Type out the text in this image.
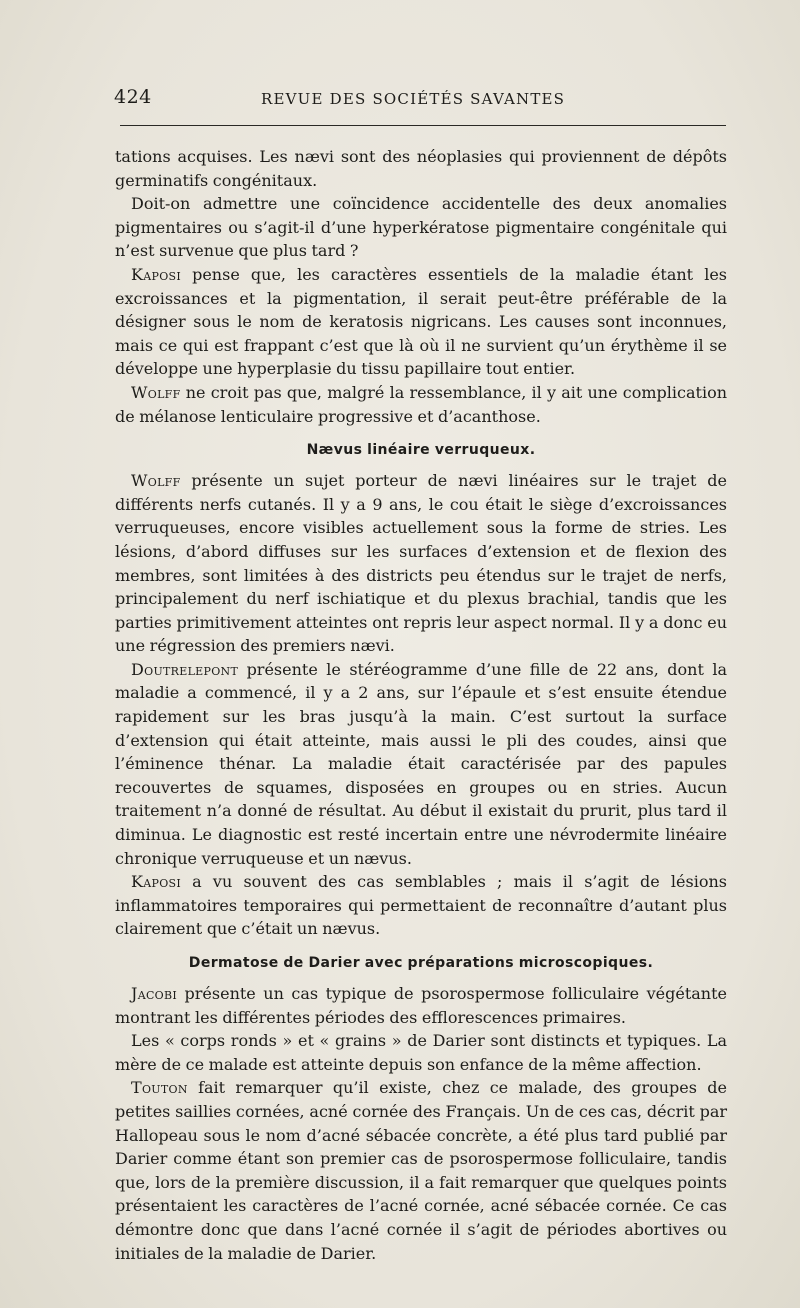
424	REVUE DES SOCIÉTÉS SAVANTES

tations acquises. Les nævi sont des néoplasies qui proviennent de dépôts germinatifs congénitaux.

Doit-on admettre une coïncidence accidentelle des deux anomalies pigmentaires ou s’agit-il d’une hyperkératose pigmentaire congénitale qui n’est survenue que plus tard ?

Kaposi pense que, les caractères essentiels de la maladie étant les excroissances et la pigmentation, il serait peut-être préférable de la désigner sous le nom de keratosis nigricans. Les causes sont inconnues, mais ce qui est frappant c’est que là où il ne survient qu’un érythème il se développe une hyperplasie du tissu papillaire tout entier.

Wolff ne croit pas que, malgré la ressemblance, il y ait une complication de mélanose lenticulaire progressive et d’acanthose.

Nævus linéaire verruqueux.

Wolff présente un sujet porteur de nævi linéaires sur le trajet de différents nerfs cutanés. Il y a 9 ans, le cou était le siège d’excroissances verruqueuses, encore visibles actuellement sous la forme de stries. Les lésions, d’abord diffuses sur les surfaces d’extension et de flexion des membres, sont limitées à des districts peu étendus sur le trajet de nerfs, principalement du nerf ischiatique et du plexus brachial, tandis que les parties primitivement atteintes ont repris leur aspect normal. Il y a donc eu une régression des premiers nævi.

Doutrelepont présente le stéréogramme d’une fille de 22 ans, dont la maladie a commencé, il y a 2 ans, sur l’épaule et s’est ensuite étendue rapidement sur les bras jusqu’à la main. C’est surtout la surface d’extension qui était atteinte, mais aussi le pli des coudes, ainsi que l’éminence thénar. La maladie était caractérisée par des papules recouvertes de squames, disposées en groupes ou en stries. Aucun traitement n’a donné de résultat. Au début il existait du prurit, plus tard il diminua. Le diagnostic est resté incertain entre une névrodermite linéaire chronique verruqueuse et un nævus.

Kaposi a vu souvent des cas semblables ; mais il s’agit de lésions inflammatoires temporaires qui permettaient de reconnaître d’autant plus clairement que c’était un nævus.

Dermatose de Darier avec préparations microscopiques.

Jacobi présente un cas typique de psorospermose folliculaire végétante montrant les différentes périodes des efflorescences primaires.

Les « corps ronds » et « grains » de Darier sont distincts et typiques. La mère de ce malade est atteinte depuis son enfance de la même affection.

Touton fait remarquer qu’il existe, chez ce malade, des groupes de petites saillies cornées, acné cornée des Français. Un de ces cas, décrit par Hallopeau sous le nom d’acné sébacée concrète, a été plus tard publié par Darier comme étant son premier cas de psorospermose folliculaire, tandis que, lors de la première discussion, il a fait remarquer que quelques points présentaient les caractères de l’acné cornée, acné sébacée cornée. Ce cas démontre donc que dans l’acné cornée il s’agit de périodes abortives ou initiales de la maladie de Darier.
